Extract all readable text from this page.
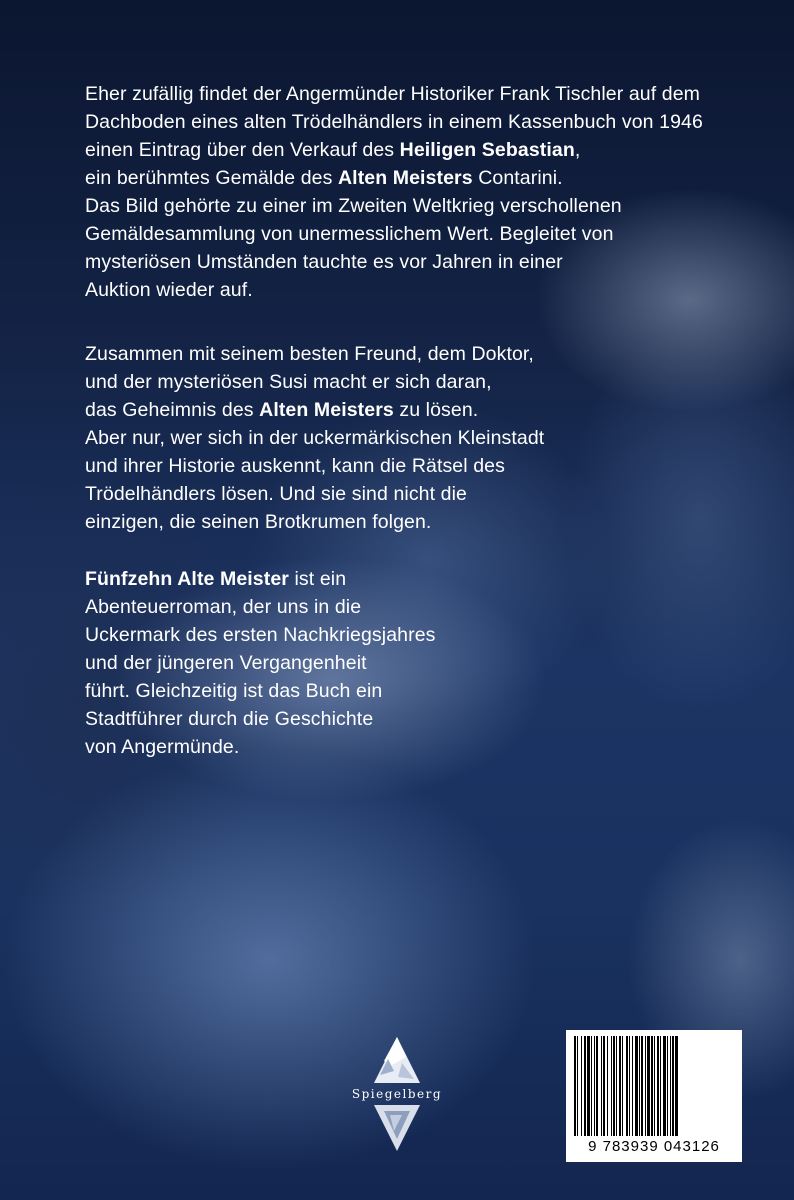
Eher zufällig findet der Angermünder Historiker Frank Tischler auf dem
Dachboden eines alten Trödelhändlers in einem Kassenbuch von 1946
einen Eintrag über den Verkauf des Heiligen Sebastian,
ein berühmtes Gemälde des Alten Meisters Contarini.
Das Bild gehörte zu einer im Zweiten Weltkrieg verschollenen
Gemäldesammlung von unermesslichem Wert. Begleitet von
mysteriösen Umständen tauchte es vor Jahren in einer
Auktion wieder auf.
Zusammen mit seinem besten Freund, dem Doktor,
und der mysteriösen Susi macht er sich daran,
das Geheimnis des Alten Meisters zu lösen.
Aber nur, wer sich in der uckermärkischen Kleinstadt
und ihrer Historie auskennt, kann die Rätsel des
Trödelhändlers lösen. Und sie sind nicht die
einzigen, die seinen Brotkrumen folgen.
Fünfzehn Alte Meister ist ein
Abenteuerroman, der uns in die
Uckermark des ersten Nachkriegsjahres
und der jüngeren Vergangenheit
führt. Gleichzeitig ist das Buch ein
Stadtführer durch die Geschichte
von Angermünde.
Spiegelberg
9 783939 043126
